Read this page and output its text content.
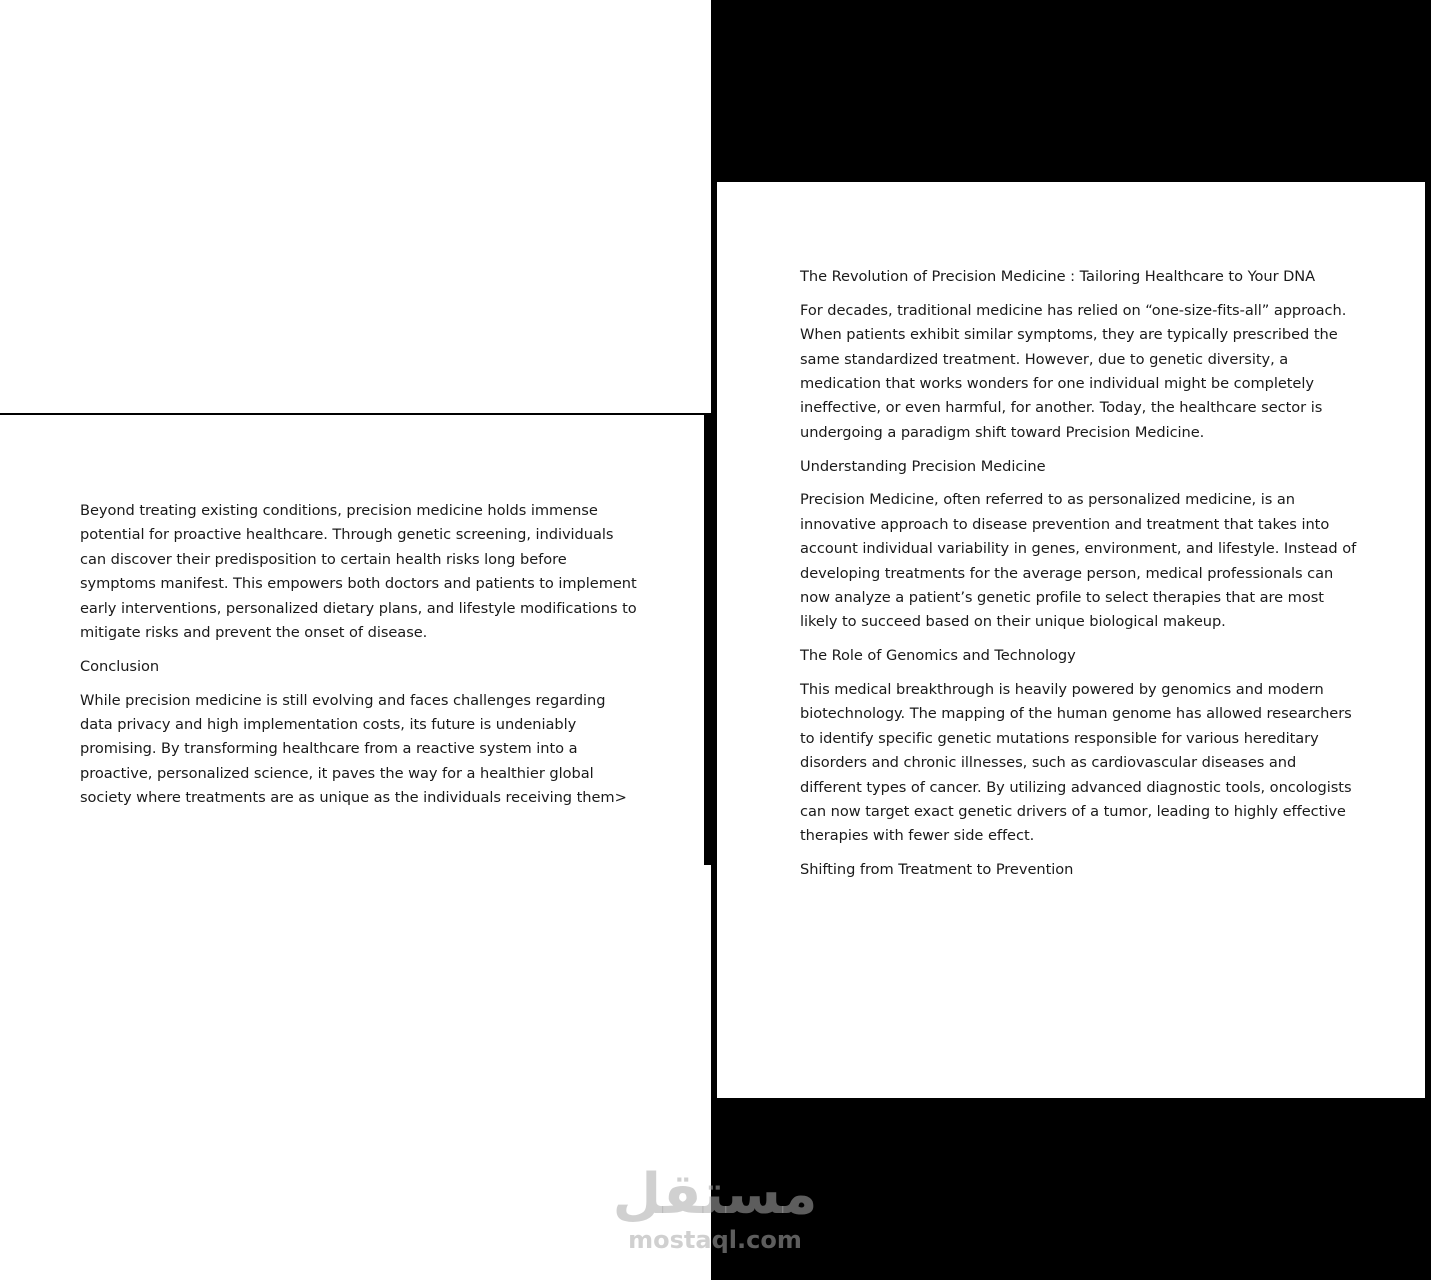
Beyond treating existing conditions, precision medicine holds immense potential for proactive healthcare. Through genetic screening, individuals can discover their predisposition to certain health risks long before symptoms manifest. This empowers both doctors and patients to implement early interventions, personalized dietary plans, and lifestyle modifications to mitigate risks and prevent the onset of disease.

Conclusion

While precision medicine is still evolving and faces challenges regarding data privacy and high implementation costs, its future is undeniably promising. By transforming healthcare from a reactive system into a proactive, personalized science, it paves the way for a healthier global society where treatments are as unique as the individuals receiving them>

The Revolution of Precision Medicine : Tailoring Healthcare to Your DNA

For decades, traditional medicine has relied on “one-size-fits-all” approach. When patients exhibit similar symptoms, they are typically prescribed the same standardized treatment. However, due to genetic diversity, a medication that works wonders for one individual might be completely ineffective, or even harmful, for another. Today, the healthcare sector is undergoing a paradigm shift toward Precision Medicine.

Understanding Precision Medicine

Precision Medicine, often referred to as personalized medicine, is an innovative approach to disease prevention and treatment that takes into account individual variability in genes, environment, and lifestyle. Instead of developing treatments for the average person, medical professionals can now analyze a patient’s genetic profile to select therapies that are most likely to succeed based on their unique biological makeup.

The Role of Genomics and Technology

This medical breakthrough is heavily powered by genomics and modern biotechnology. The mapping of the human genome has allowed researchers to identify specific genetic mutations responsible for various hereditary disorders and chronic illnesses, such as cardiovascular diseases and different types of cancer. By utilizing advanced diagnostic tools, oncologists can now target exact genetic drivers of a tumor, leading to highly effective therapies with fewer side effect.

Shifting from Treatment to Prevention

مستقل
mostaql.com
